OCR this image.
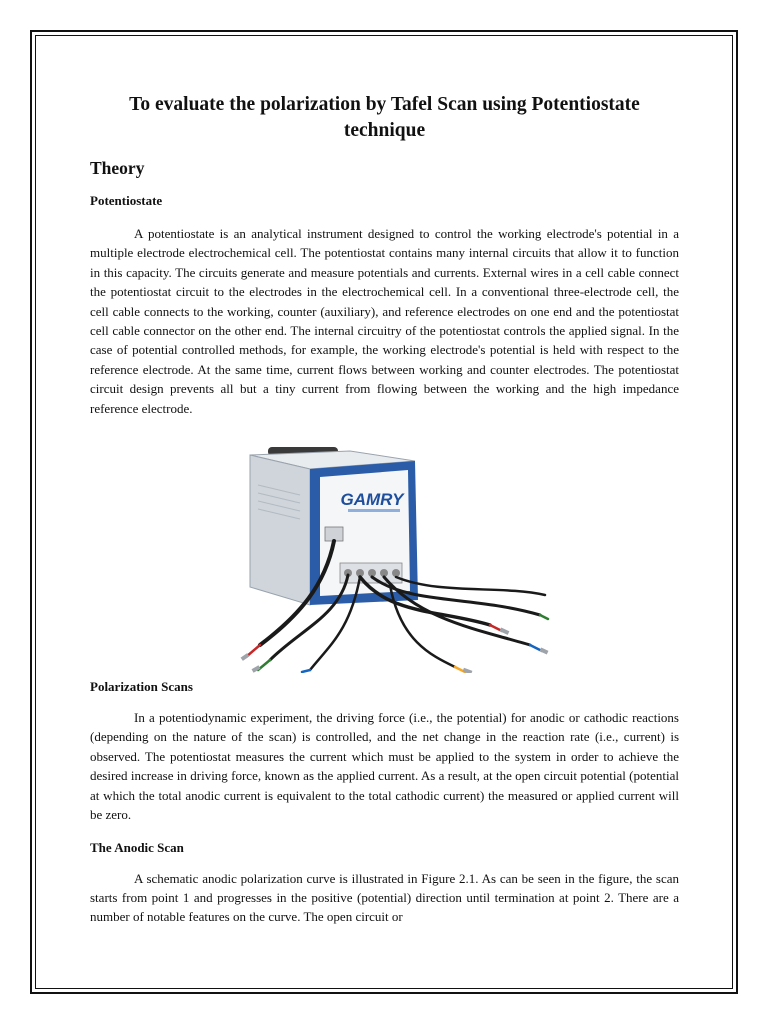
To evaluate the polarization by Tafel Scan using Potentiostate technique
Theory
Potentiostate

A potentiostate is an analytical instrument designed to control the working electrode's potential in a multiple electrode electrochemical cell. The potentiostat contains many internal circuits that allow it to function in this capacity. The circuits generate and measure potentials and currents. External wires in a cell cable connect the potentiostat circuit to the electrodes in the electrochemical cell. In a conventional three-electrode cell, the cell cable connects to the working, counter (auxiliary), and reference electrodes on one end and the potentiostat cell cable connector on the other end. The internal circuitry of the potentiostat controls the applied signal. In the case of potential controlled methods, for example, the working electrode's potential is held with respect to the reference electrode. At the same time, current flows between working and counter electrodes. The potentiostat circuit design prevents all but a tiny current from flowing between the working and the high impedance reference electrode.

Polarization Scans

In a potentiodynamic experiment, the driving force (i.e., the potential) for anodic or cathodic reactions (depending on the nature of the scan) is controlled, and the net change in the reaction rate (i.e., current) is observed. The potentiostat measures the current which must be applied to the system in order to achieve the desired increase in driving force, known as the applied current. As a result, at the open circuit potential (potential at which the total anodic current is equivalent to the total cathodic current) the measured or applied current will be zero.

The Anodic Scan

A schematic anodic polarization curve is illustrated in Figure 2.1. As can be seen in the figure, the scan starts from point 1 and progresses in the positive (potential) direction until termination at point 2. There are a number of notable features on the curve. The open circuit or

GAMRY
